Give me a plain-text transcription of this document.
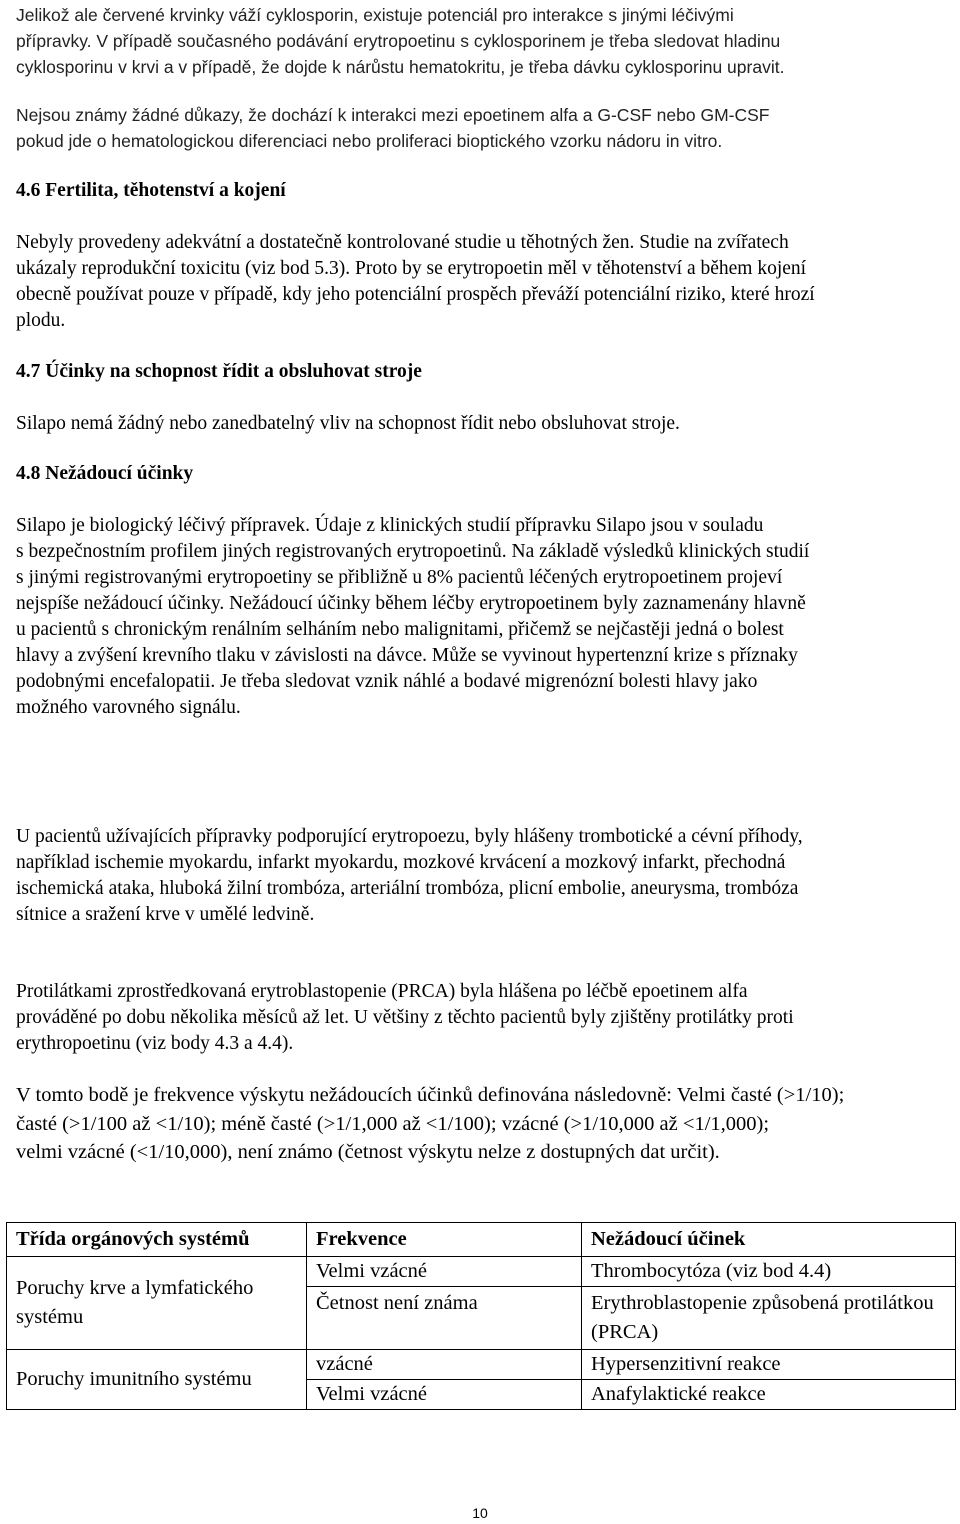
Jelikož ale červené krvinky váží cyklosporin, existuje potenciál pro interakce s jinými léčivými
přípravky. V případě současného podávání erytropoetinu s cyklosporinem je třeba sledovat hladinu
cyklosporinu v krvi a v případě, že dojde k nárůstu hematokritu, je třeba dávku cyklosporinu upravit.
Nejsou známy žádné důkazy, že dochází k interakci mezi epoetinem alfa a G-CSF nebo GM-CSF
pokud jde o hematologickou diferenciaci nebo proliferaci bioptického vzorku nádoru in vitro.
4.6 Fertilita, těhotenství a kojení
Nebyly provedeny adekvátní a dostatečně kontrolované studie u těhotných žen. Studie na zvířatech
ukázaly reprodukční toxicitu (viz bod 5.3). Proto by se erytropoetin měl v těhotenství a během kojení
obecně používat pouze v případě, kdy jeho potenciální prospěch převáží potenciální riziko, které hrozí
plodu.
4.7 Účinky na schopnost řídit a obsluhovat stroje
Silapo nemá žádný nebo zanedbatelný vliv na schopnost řídit nebo obsluhovat stroje.
4.8 Nežádoucí účinky
Silapo je biologický léčivý přípravek. Údaje z klinických studií přípravku Silapo jsou v souladu
s bezpečnostním profilem jiných registrovaných erytropoetinů. Na základě výsledků klinických studií
s jinými registrovanými erytropoetiny se přibližně u 8% pacientů léčených erytropoetinem projeví
nejspíše nežádoucí účinky. Nežádoucí účinky během léčby erytropoetinem byly zaznamenány hlavně
u pacientů s chronickým renálním selháním nebo malignitami, přičemž se nejčastěji jedná o bolest
hlavy a zvýšení krevního tlaku v závislosti na dávce. Může se vyvinout hypertenzní krize s příznaky
podobnými encefalopatii. Je třeba sledovat vznik náhlé a bodavé migrenózní bolesti hlavy jako
možného varovného signálu.
U pacientů užívajících přípravky podporující erytropoezu, byly hlášeny trombotické a cévní příhody,
například ischemie myokardu, infarkt myokardu, mozkové krvácení a mozkový infarkt, přechodná
ischemická ataka, hluboká žilní trombóza, arteriální trombóza, plicní embolie, aneurysma, trombóza
sítnice a sražení krve v umělé ledvině.
Protilátkami zprostředkovaná erytroblastopenie (PRCA) byla hlášena po léčbě epoetinem alfa
prováděné po dobu několika měsíců až let. U většiny z těchto pacientů byly zjištěny protilátky proti
erythropoetinu (viz body 4.3 a 4.4).
V tomto bodě je frekvence výskytu nežádoucích účinků definována následovně: Velmi časté (>1/10);
časté (>1/100 až <1/10); méně časté (>1/1,000 až <1/100); vzácné (>1/10,000 až <1/1,000);
velmi vzácné (<1/10,000), není známo (četnost výskytu nelze z dostupných dat určit).
Třída orgánových systémů	Frekvence	Nežádoucí účinek
Poruchy krve a lymfatického systému	Velmi vzácné	Thrombocytóza (viz bod 4.4)
	Četnost není známa	Erythroblastopenie způsobená protilátkou (PRCA)
Poruchy imunitního systému	vzácné	Hypersenzitivní reakce
	Velmi vzácné	Anafylaktické reakce
10
